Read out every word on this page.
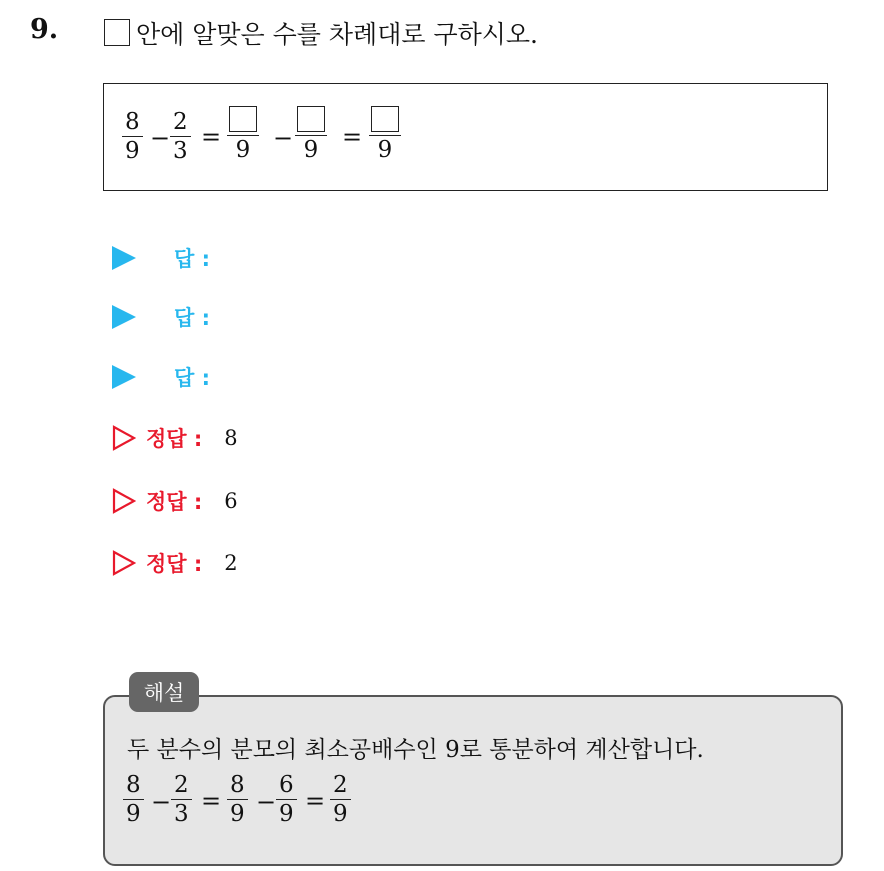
9.	안에 알맞은 수를 차례대로 구하시오.
8
9 −
2
3 = 9 − 9 = 9
답 :
답 :
답 :
정답 : 8
정답 : 6
정답 : 2
해설
두 분수의 분모의 최소공배수인 9로 통분하여 계산합니다.
8
9 −
2
3 =
8
9 −
6
9 =
2
9
